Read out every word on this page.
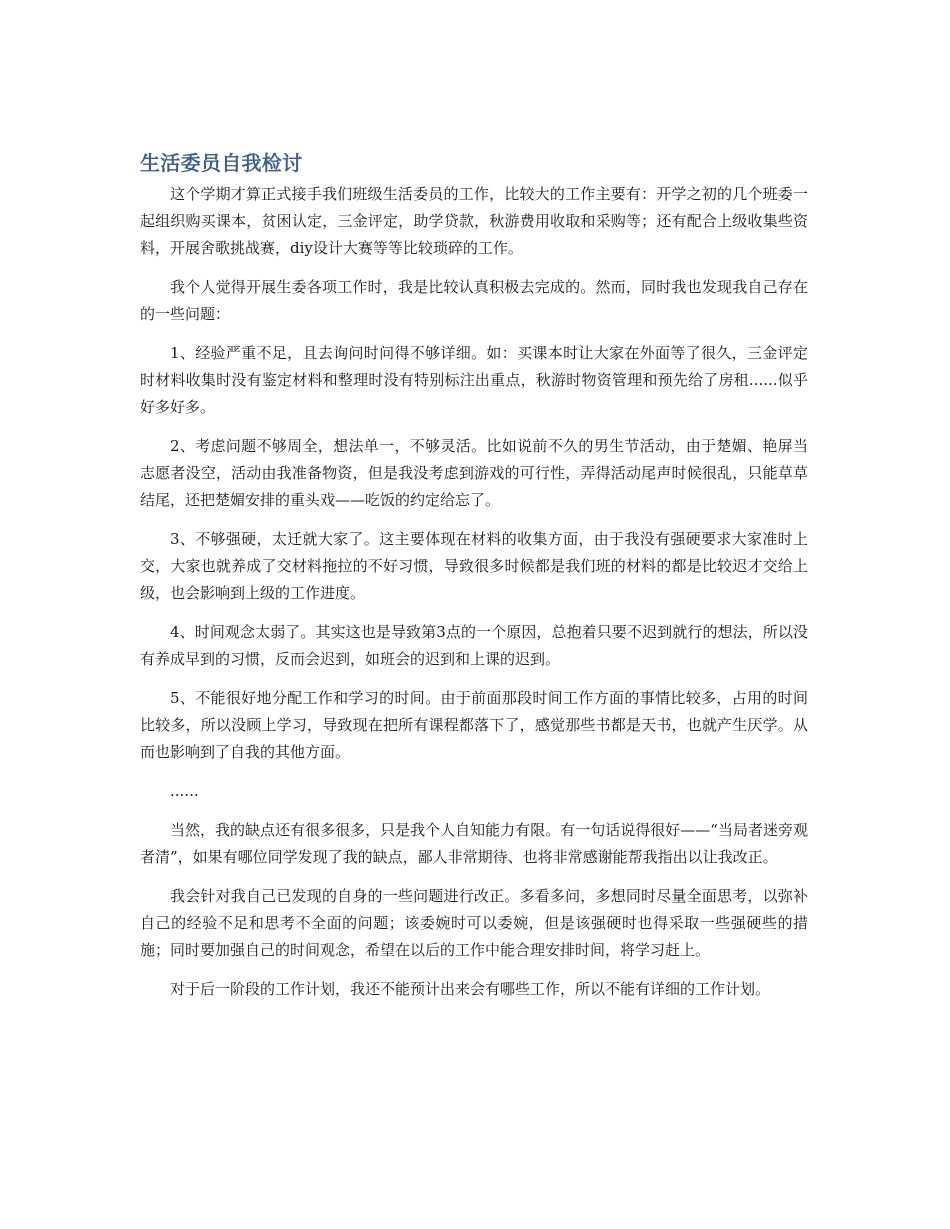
生活委员自我检讨

这个学期才算正式接手我们班级生活委员的工作，比较大的工作主要有：开学之初的几个班委一起组织购买课本，贫困认定，三金评定，助学贷款，秋游费用收取和采购等；还有配合上级收集些资料，开展舍歌挑战赛，diy设计大赛等等比较琐碎的工作。

我个人觉得开展生委各项工作时，我是比较认真积极去完成的。然而，同时我也发现我自己存在的一些问题：

1、经验严重不足，且去询问时问得不够详细。如：买课本时让大家在外面等了很久，三金评定时材料收集时没有鉴定材料和整理时没有特别标注出重点，秋游时物资管理和预先给了房租......似乎好多好多。

2、考虑问题不够周全，想法单一，不够灵活。比如说前不久的男生节活动，由于楚媚、艳屏当志愿者没空，活动由我准备物资，但是我没考虑到游戏的可行性，弄得活动尾声时候很乱，只能草草结尾，还把楚媚安排的重头戏——吃饭的约定给忘了。

3、不够强硬，太迁就大家了。这主要体现在材料的收集方面，由于我没有强硬要求大家准时上交，大家也就养成了交材料拖拉的不好习惯，导致很多时候都是我们班的材料的都是比较迟才交给上级，也会影响到上级的工作进度。

4、时间观念太弱了。其实这也是导致第3点的一个原因，总抱着只要不迟到就行的想法，所以没有养成早到的习惯，反而会迟到，如班会的迟到和上课的迟到。

5、不能很好地分配工作和学习的时间。由于前面那段时间工作方面的事情比较多，占用的时间比较多，所以没顾上学习，导致现在把所有课程都落下了，感觉那些书都是天书，也就产生厌学。从而也影响到了自我的其他方面。

......

当然，我的缺点还有很多很多，只是我个人自知能力有限。有一句话说得很好——“当局者迷旁观者清”，如果有哪位同学发现了我的缺点，鄙人非常期待、也将非常感谢能帮我指出以让我改正。

我会针对我自己已发现的自身的一些问题进行改正。多看多问，多想同时尽量全面思考，以弥补自己的经验不足和思考不全面的问题；该委婉时可以委婉，但是该强硬时也得采取一些强硬些的措施；同时要加强自己的时间观念，希望在以后的工作中能合理安排时间，将学习赶上。

对于后一阶段的工作计划，我还不能预计出来会有哪些工作，所以不能有详细的工作计划。
